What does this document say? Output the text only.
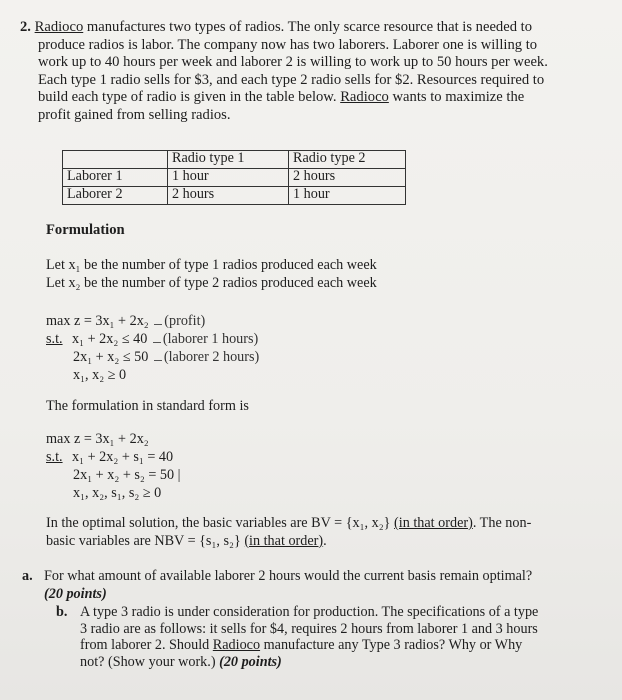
2. Radioco manufactures two types of radios. The only scarce resource that is needed to
produce radios is labor. The company now has two laborers. Laborer one is willing to
work up to 40 hours per week and laborer 2 is willing to work up to 50 hours per week.
Each type 1 radio sells for $3, and each type 2 radio sells for $2. Resources required to
build each type of radio is given in the table below. Radioco wants to maximize the
profit gained from selling radios.
	Radio type 1	Radio type 2
Laborer 1	1 hour	2 hours
Laborer 2	2 hours	1 hour
Formulation
Let x₁ be the number of type 1 radios produced each week
Let x₂ be the number of type 2 radios produced each week
max z = 3x₁ + 2x₂ (profit)
s.t. x₁ + 2x₂ ≤ 40 (laborer 1 hours)
2x₁ + x₂ ≤ 50 (laborer 2 hours)
x₁, x₂ ≥ 0
The formulation in standard form is
max z = 3x₁ + 2x₂
s.t. x₁ + 2x₂ + s₁ = 40
2x₁ + x₂ + s₂ = 50 |
x₁, x₂, s₁, s₂ ≥ 0
In the optimal solution, the basic variables are BV = {x₁, x₂} (in that order). The non-
basic variables are NBV = {s₁, s₂} (in that order).
a. For what amount of available laborer 2 hours would the current basis remain optimal?
(20 points)
b. A type 3 radio is under consideration for production. The specifications of a type
3 radio are as follows: it sells for $4, requires 2 hours from laborer 1 and 3 hours
from laborer 2. Should Radioco manufacture any Type 3 radios? Why or Why
not? (Show your work.) (20 points)
